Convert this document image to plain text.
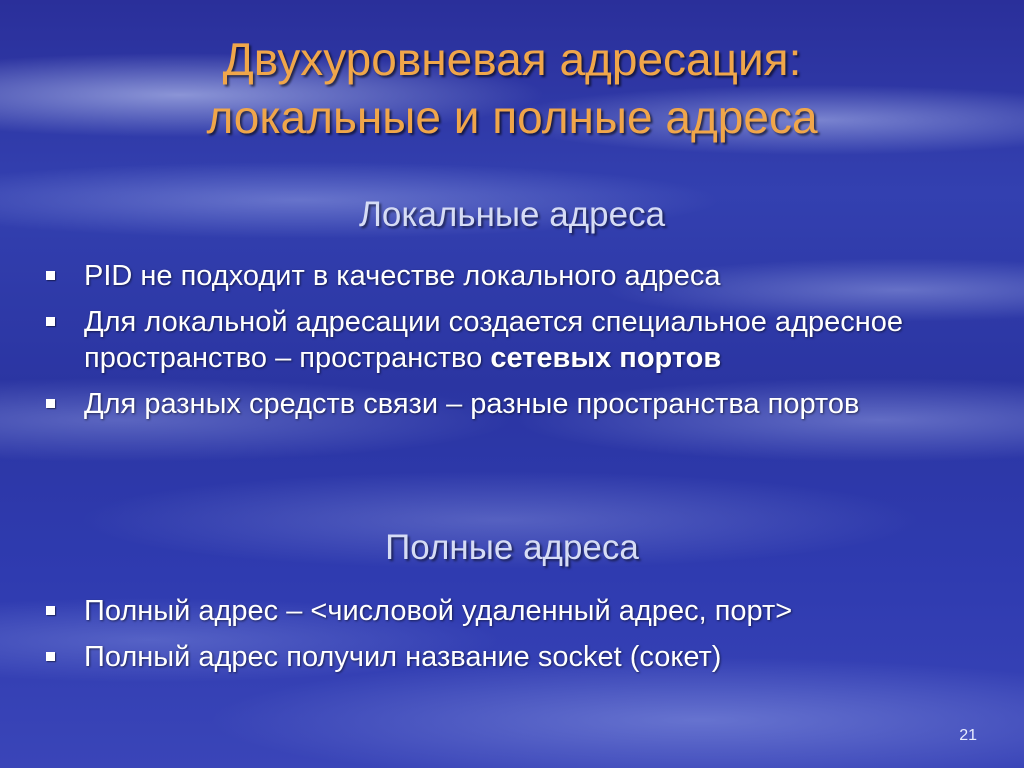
Двухуровневая адресация:
локальные и полные адреса
Локальные адреса
PID не подходит в качестве локального адреса
Для локальной адресации создается специальное адресное пространство – пространство сетевых портов
Для разных средств связи – разные пространства портов
Полные адреса
Полный адрес – <числовой удаленный адрес, порт>
Полный адрес получил название socket (сокет)
21
